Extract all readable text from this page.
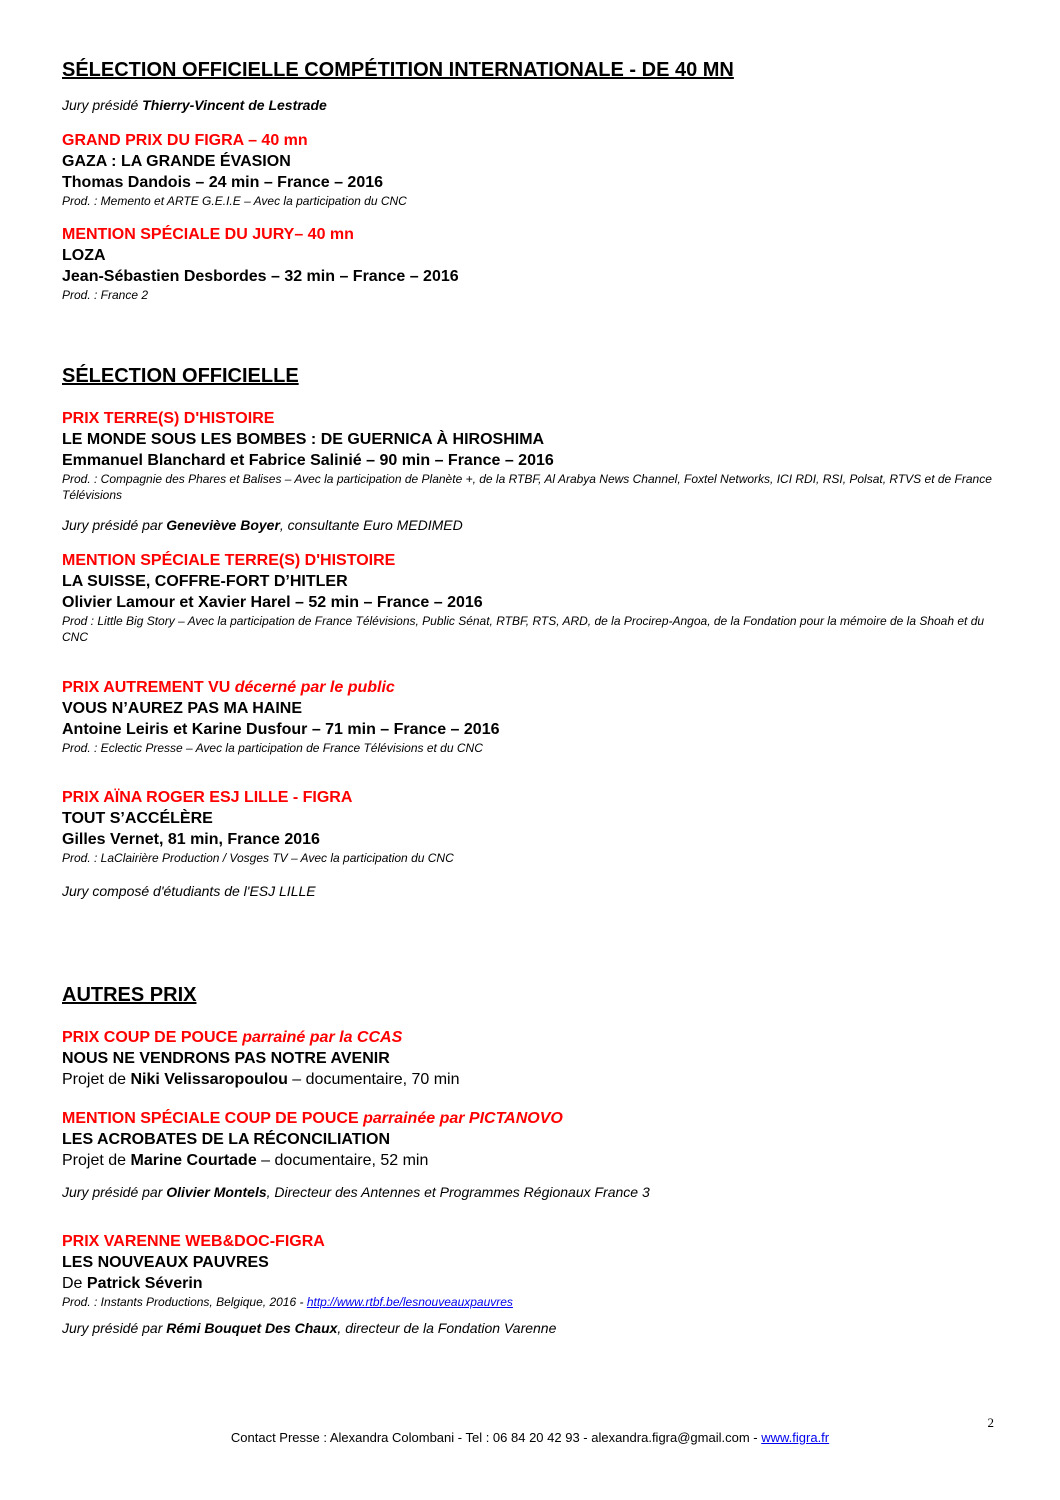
SÉLECTION OFFICIELLE COMPÉTITION INTERNATIONALE - DE 40 MN

Jury présidé Thierry-Vincent de Lestrade

GRAND PRIX DU FIGRA – 40 mn

GAZA : LA GRANDE ÉVASION

Thomas Dandois – 24 min – France – 2016

Prod. : Memento et ARTE G.E.I.E – Avec la participation du CNC

MENTION SPÉCIALE DU JURY– 40 mn

LOZA

Jean-Sébastien Desbordes – 32 min – France – 2016

Prod. : France 2

SÉLECTION OFFICIELLE

PRIX TERRE(S) D'HISTOIRE

LE MONDE SOUS LES BOMBES : DE GUERNICA À HIROSHIMA

Emmanuel Blanchard et Fabrice Salinié – 90 min – France – 2016

Prod. : Compagnie des Phares et Balises – Avec la participation de Planète +, de la RTBF, Al Arabya News Channel, Foxtel Networks, ICI RDI, RSI, Polsat, RTVS et de France Télévisions

Jury présidé par Geneviève Boyer, consultante Euro MEDIMED

MENTION SPÉCIALE TERRE(S) D'HISTOIRE

LA SUISSE, COFFRE-FORT D’HITLER

Olivier Lamour et Xavier Harel – 52 min – France – 2016

Prod : Little Big Story – Avec la participation de France Télévisions, Public Sénat, RTBF, RTS, ARD, de la Procirep-Angoa, de la Fondation pour la mémoire de la Shoah et du CNC

PRIX AUTREMENT VU décerné par le public

VOUS N’AUREZ PAS MA HAINE

Antoine Leiris et Karine Dusfour – 71 min – France – 2016

Prod. : Eclectic Presse – Avec la participation de France Télévisions et du CNC

PRIX AÏNA ROGER ESJ LILLE - FIGRA

TOUT S’ACCÉLÈRE

Gilles Vernet, 81 min, France 2016

Prod. : LaClairière Production / Vosges TV – Avec la participation du CNC

Jury composé d'étudiants de l'ESJ LILLE

AUTRES PRIX

PRIX COUP DE POUCE parrainé par la CCAS

NOUS NE VENDRONS PAS NOTRE AVENIR

Projet de Niki Velissaropoulou – documentaire, 70 min

MENTION SPÉCIALE COUP DE POUCE parrainée par PICTANOVO

LES ACROBATES DE LA RÉCONCILIATION

Projet de Marine Courtade – documentaire, 52 min

Jury présidé par Olivier Montels, Directeur des Antennes et Programmes Régionaux France 3

PRIX VARENNE WEB&DOC-FIGRA

LES NOUVEAUX PAUVRES

De Patrick Séverin

Prod. : Instants Productions, Belgique, 2016 - http://www.rtbf.be/lesnouveauxpauvres

Jury présidé par Rémi Bouquet Des Chaux, directeur de la Fondation Varenne

2
Contact Presse : Alexandra Colombani - Tel : 06 84 20 42 93 - alexandra.figra@gmail.com - www.figra.fr
